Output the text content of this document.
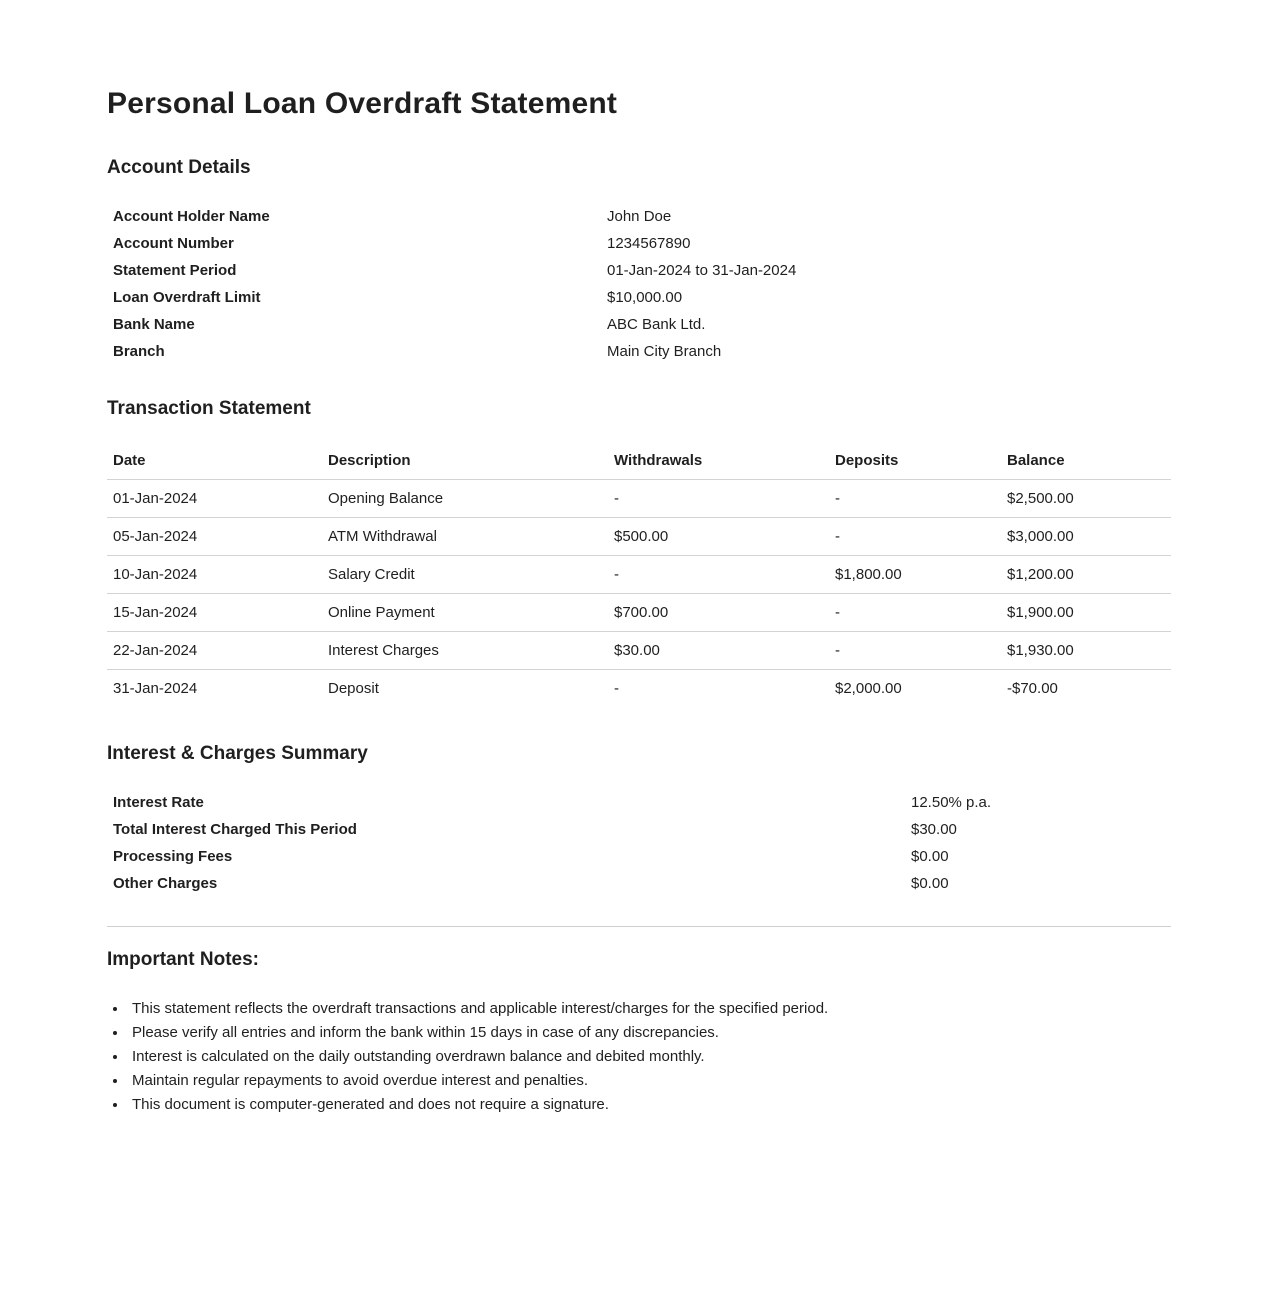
Personal Loan Overdraft Statement
Account Details
Account Holder Name	John Doe
Account Number	1234567890
Statement Period	01-Jan-2024 to 31-Jan-2024
Loan Overdraft Limit	$10,000.00
Bank Name	ABC Bank Ltd.
Branch	Main City Branch
Transaction Statement
Date	Description	Withdrawals	Deposits	Balance
01-Jan-2024	Opening Balance	-	-	$2,500.00
05-Jan-2024	ATM Withdrawal	$500.00	-	$3,000.00
10-Jan-2024	Salary Credit	-	$1,800.00	$1,200.00
15-Jan-2024	Online Payment	$700.00	-	$1,900.00
22-Jan-2024	Interest Charges	$30.00	-	$1,930.00
31-Jan-2024	Deposit	-	$2,000.00	-$70.00
Interest & Charges Summary
Interest Rate	12.50% p.a.
Total Interest Charged This Period	$30.00
Processing Fees	$0.00
Other Charges	$0.00
Important Notes:
• This statement reflects the overdraft transactions and applicable interest/charges for the specified period.
• Please verify all entries and inform the bank within 15 days in case of any discrepancies.
• Interest is calculated on the daily outstanding overdrawn balance and debited monthly.
• Maintain regular repayments to avoid overdue interest and penalties.
• This document is computer-generated and does not require a signature.
